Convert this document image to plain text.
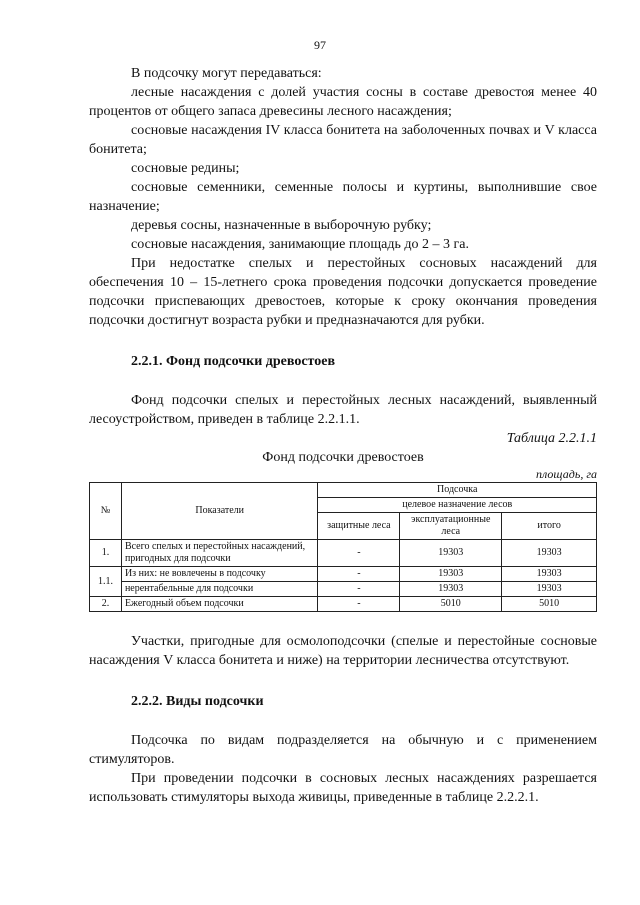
97

В подсочку могут передаваться:

лесные насаждения с долей участия сосны в составе древостоя менее 40 процентов от общего запаса древесины лесного насаждения;

сосновые насаждения IV класса бонитета на заболоченных почвах и V класса бонитета;

сосновые редины;

сосновые семенники, семенные полосы и куртины, выполнившие свое назначение;

деревья сосны, назначенные в выборочную рубку;

сосновые насаждения, занимающие площадь до 2 – 3 га.

При недостатке спелых и перестойных сосновых насаждений для обеспечения 10 – 15-летнего срока проведения подсочки допускается проведение подсочки приспевающих древостоев, которые к сроку окончания проведения подсочки достигнут возраста рубки и предназначаются для рубки.

2.2.1. Фонд подсочки древостоев

Фонд подсочки спелых и перестойных лесных насаждений, выявленный лесоустройством, приведен в таблице 2.2.1.1.

Таблица 2.2.1.1

Фонд подсочки древостоев

площадь, га

№	Показатели	Подсочка		
		целевое назначение лесов		
		защитные леса	эксплуатационные леса	итого
1.	Всего спелых и перестойных насаждений, пригодных для подсочки	-	19303	19303
1.1.	Из них: не вовлечены в подсочку	-	19303	19303
	нерентабельные для подсочки	-	19303	19303
2.	Ежегодный объем подсочки	-	5010	5010

Участки, пригодные для осмолоподсочки (спелые и перестойные сосновые насаждения V класса бонитета и ниже) на территории лесничества отсутствуют.

2.2.2. Виды подсочки

Подсочка по видам подразделяется на обычную и с применением стимуляторов.

При проведении подсочки в сосновых лесных насаждениях разрешается использовать стимуляторы выхода живицы, приведенные в таблице 2.2.2.1.
